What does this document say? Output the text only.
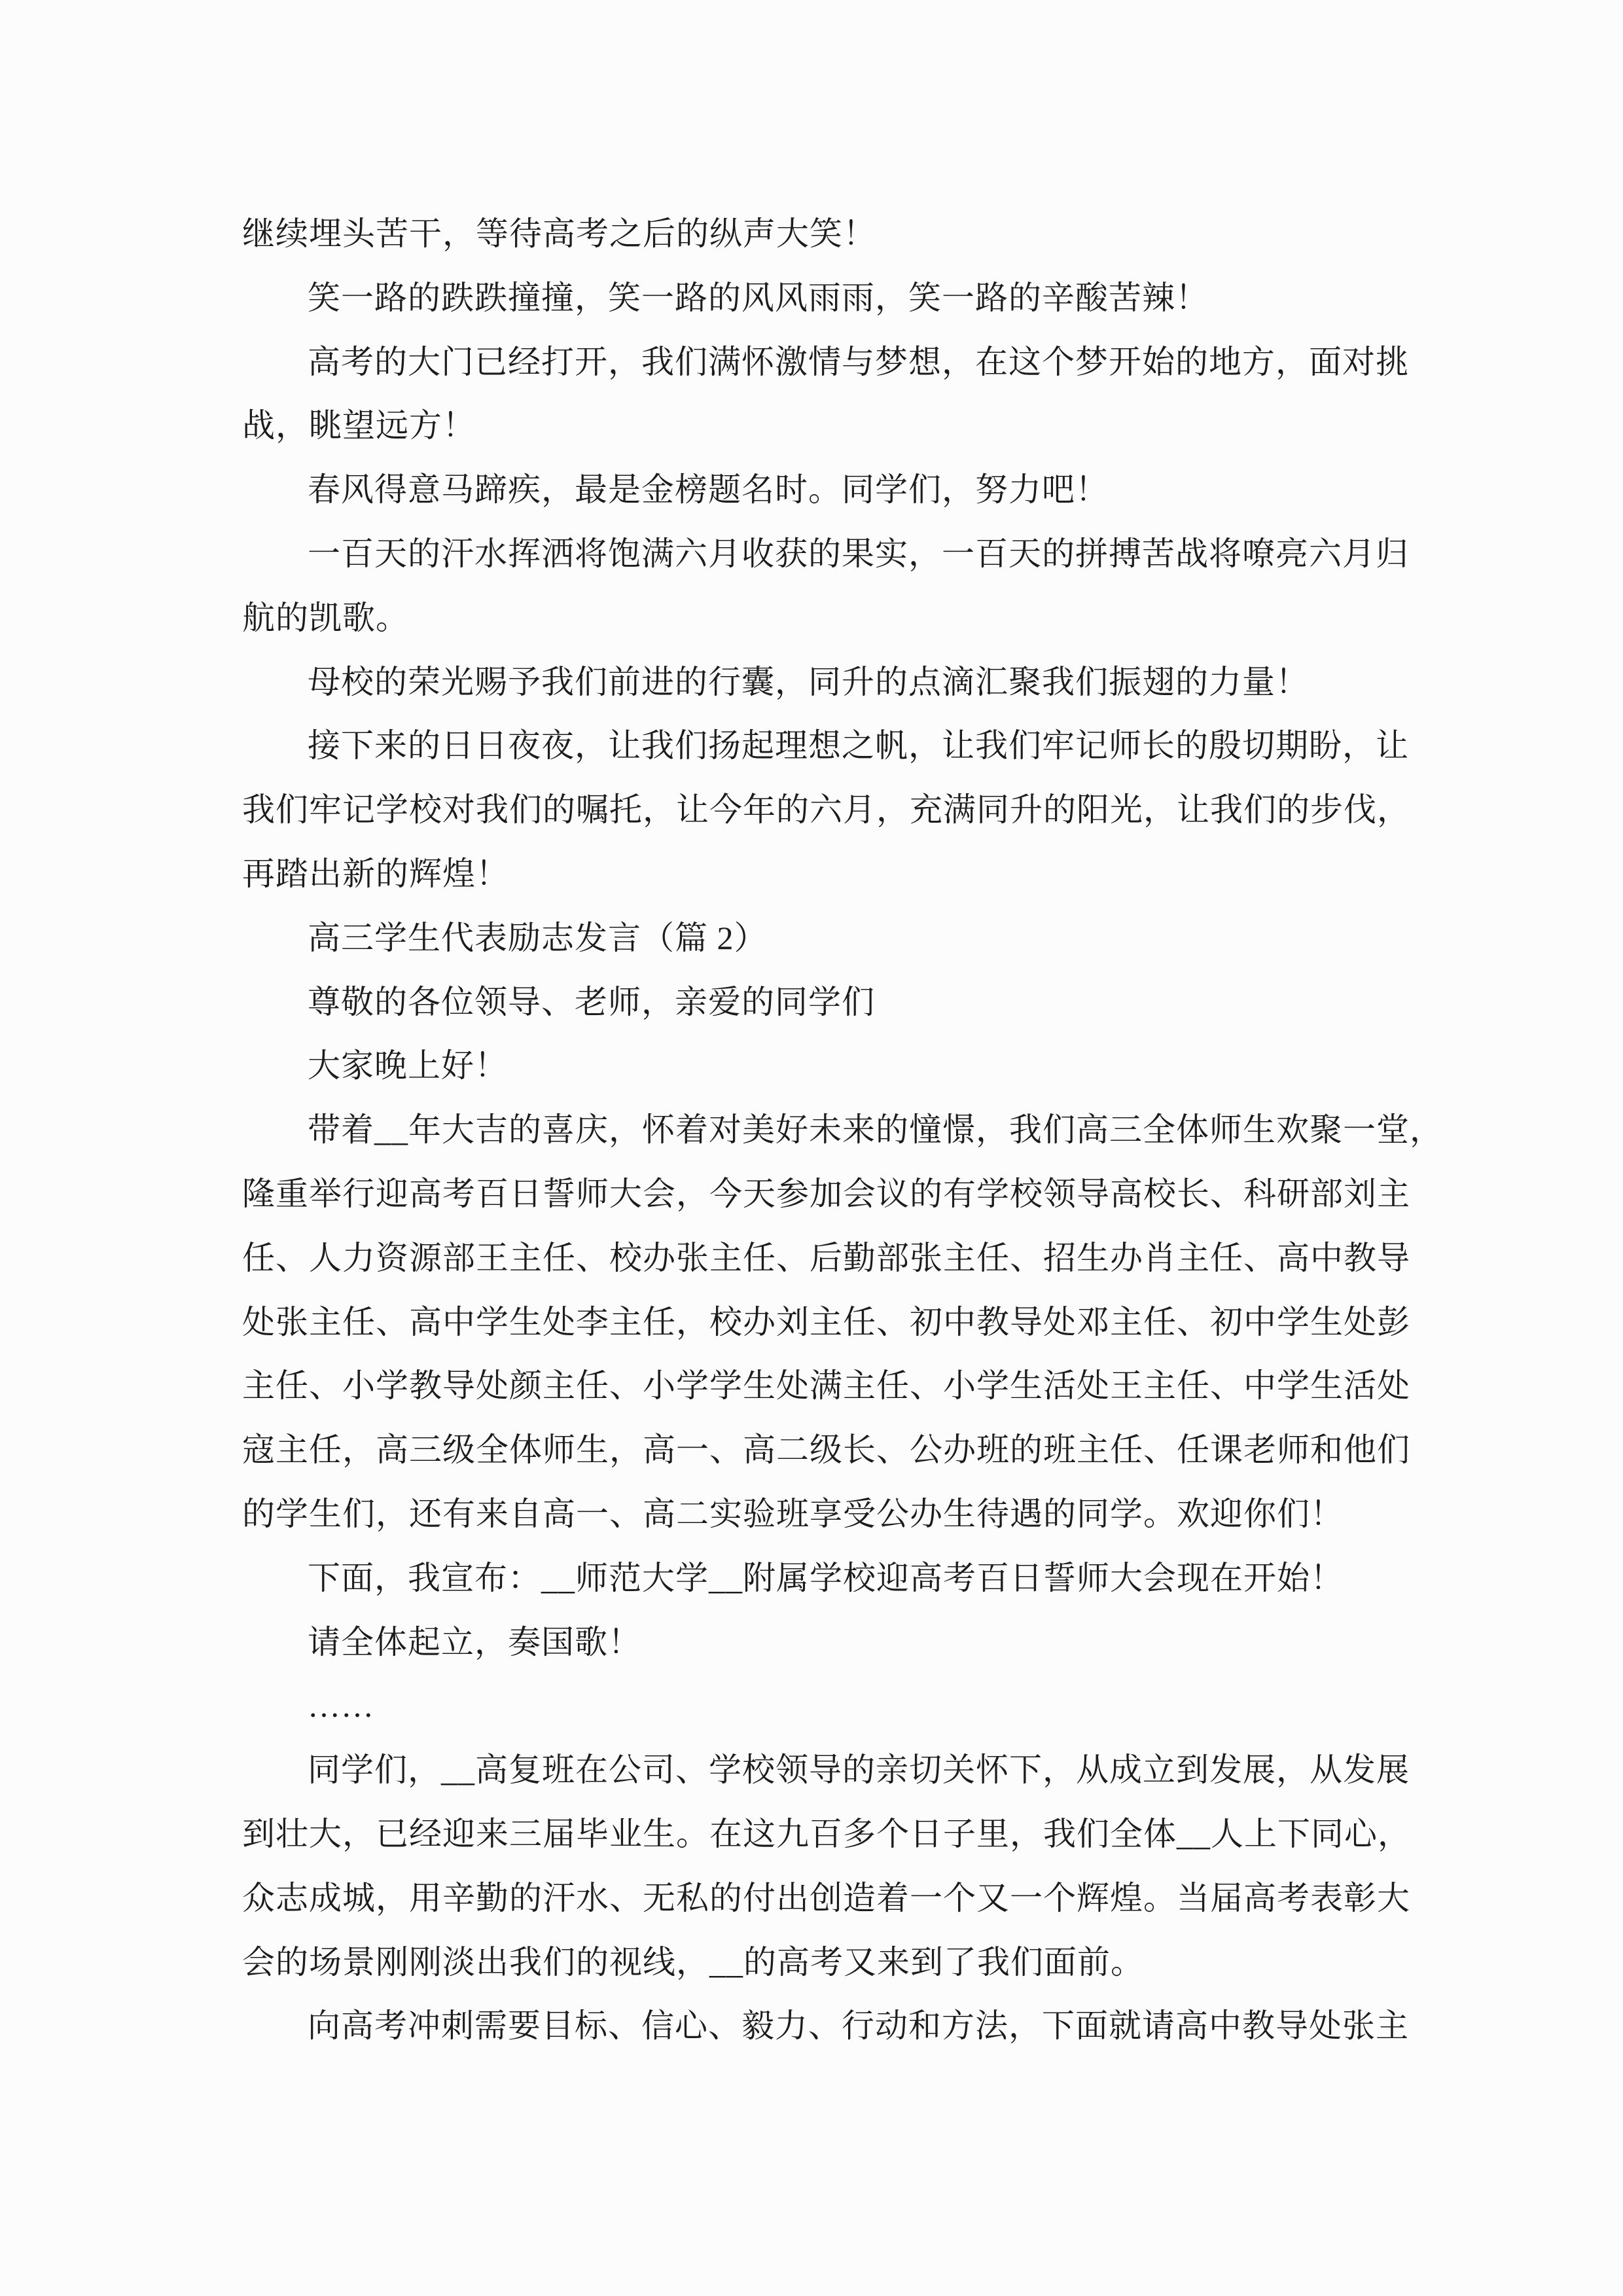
继续埋头苦干，等待高考之后的纵声大笑！
笑一路的跌跌撞撞，笑一路的风风雨雨，笑一路的辛酸苦辣！
高考的大门已经打开，我们满怀激情与梦想，在这个梦开始的地方，面对挑
战，眺望远方！
春风得意马蹄疾，最是金榜题名时。同学们，努力吧！
一百天的汗水挥洒将饱满六月收获的果实，一百天的拼搏苦战将嘹亮六月归
航的凯歌。
母校的荣光赐予我们前进的行囊，同升的点滴汇聚我们振翅的力量！
接下来的日日夜夜，让我们扬起理想之帆，让我们牢记师长的殷切期盼，让
我们牢记学校对我们的嘱托，让今年的六月，充满同升的阳光，让我们的步伐，
再踏出新的辉煌！
高三学生代表励志发言（篇 2）
尊敬的各位领导、老师，亲爱的同学们
大家晚上好！
带着__年大吉的喜庆，怀着对美好未来的憧憬，我们高三全体师生欢聚一堂，
隆重举行迎高考百日誓师大会，今天参加会议的有学校领导高校长、科研部刘主
任、人力资源部王主任、校办张主任、后勤部张主任、招生办肖主任、高中教导
处张主任、高中学生处李主任，校办刘主任、初中教导处邓主任、初中学生处彭
主任、小学教导处颜主任、小学学生处满主任、小学生活处王主任、中学生活处
寇主任，高三级全体师生，高一、高二级长、公办班的班主任、任课老师和他们
的学生们，还有来自高一、高二实验班享受公办生待遇的同学。欢迎你们！
下面，我宣布：__师范大学__附属学校迎高考百日誓师大会现在开始！
请全体起立，奏国歌！
……
同学们，__高复班在公司、学校领导的亲切关怀下，从成立到发展，从发展
到壮大，已经迎来三届毕业生。在这九百多个日子里，我们全体__人上下同心，
众志成城，用辛勤的汗水、无私的付出创造着一个又一个辉煌。当届高考表彰大
会的场景刚刚淡出我们的视线，__的高考又来到了我们面前。
向高考冲刺需要目标、信心、毅力、行动和方法，下面就请高中教导处张主
